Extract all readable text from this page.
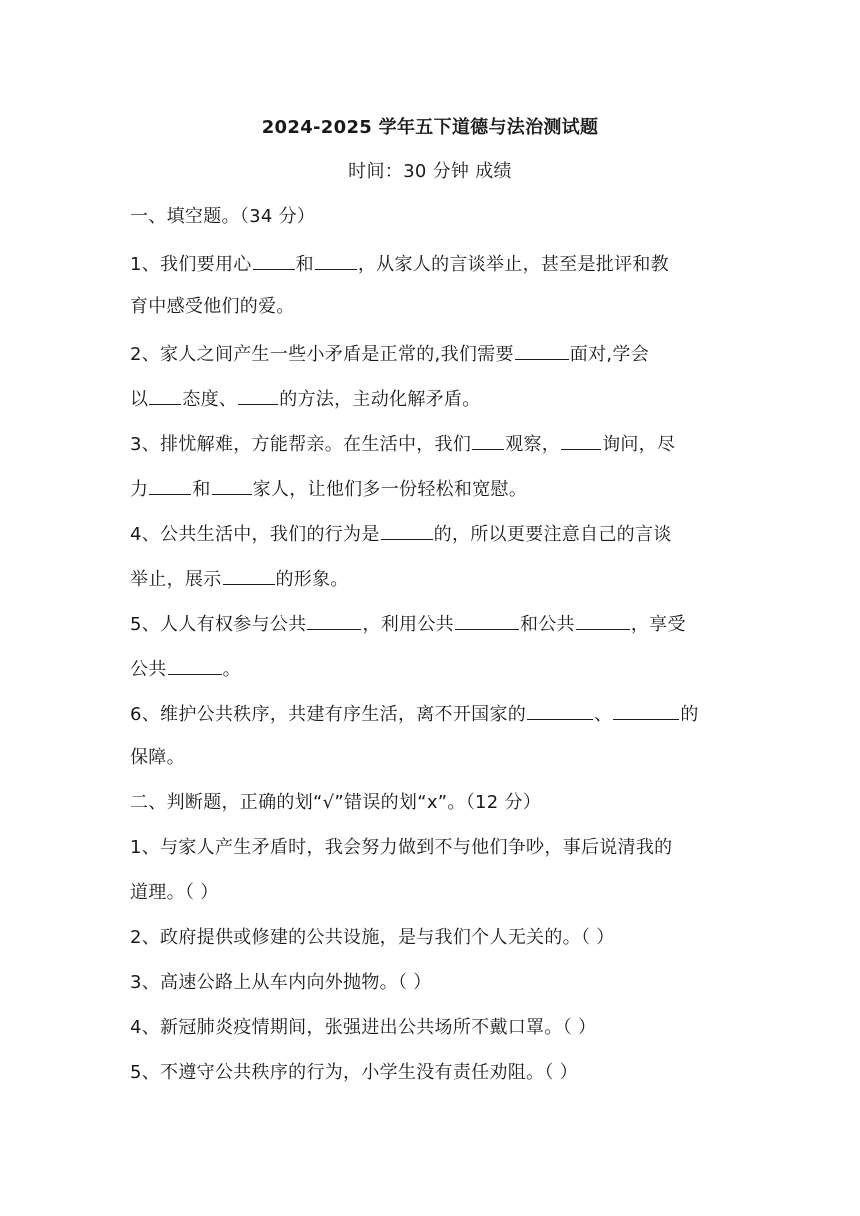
2024-2025 学年五下道德与法治测试题
时间：30 分钟 成绩
一、填空题。（34 分）
1、我们要用心 和 ，从家人的言谈举止，甚至是批评和教
育中感受他们的爱。
2、家人之间产生一些小矛盾是正常的,我们需要	面对,学会
以 态度、 的方法，主动化解矛盾。
3、排忧解难，方能帮亲。在生活中，我们 观察， 询问，尽
力 和 家人，让他们多一份轻松和宽慰。
4、公共生活中，我们的行为是	的，所以更要注意自己的言谈
举止，展示	的形象。
5、人人有权参与公共	，利用公共	和公共	，享受
公共	。
6、维护公共秩序，共建有序生活，离不开国家的	、	的
保障。
二、判断题，正确的划“√”错误的划“x”。（12 分）
1、与家人产生矛盾时，我会努力做到不与他们争吵，事后说清我的
道理。（ ）
2、政府提供或修建的公共设施，是与我们个人无关的。（ ）
3、高速公路上从车内向外抛物。（ ）
4、新冠肺炎疫情期间，张强进出公共场所不戴口罩。（ ）
5、不遵守公共秩序的行为，小学生没有责任劝阻。（ ）
